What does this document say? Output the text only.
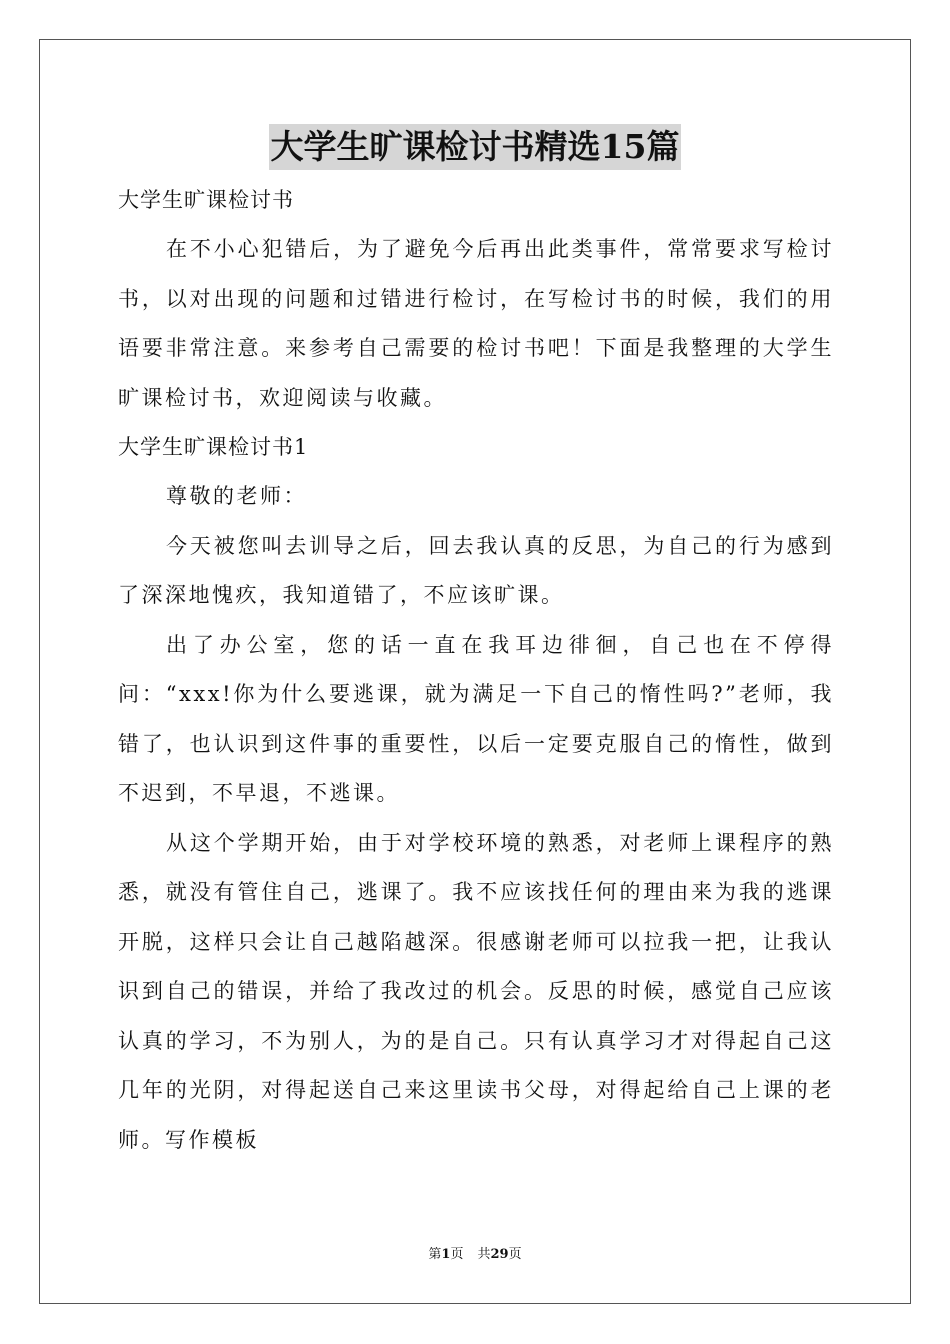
大学生旷课检讨书精选15篇

大学生旷课检讨书

在不小心犯错后，为了避免今后再出此类事件，常常要求写检讨书，以对出现的问题和过错进行检讨，在写检讨书的时候，我们的用语要非常注意。来参考自己需要的检讨书吧！下面是我整理的大学生旷课检讨书，欢迎阅读与收藏。

大学生旷课检讨书1

尊敬的老师：

今天被您叫去训导之后，回去我认真的反思，为自己的行为感到了深深地愧疚，我知道错了，不应该旷课。

出了办公室，您的话一直在我耳边徘徊，自己也在不停得问：“xxx!你为什么要逃课，就为满足一下自己的惰性吗?”老师，我错了，也认识到这件事的重要性，以后一定要克服自己的惰性，做到不迟到，不早退，不逃课。

从这个学期开始，由于对学校环境的熟悉，对老师上课程序的熟悉，就没有管住自己，逃课了。我不应该找任何的理由来为我的逃课开脱，这样只会让自己越陷越深。很感谢老师可以拉我一把，让我认识到自己的错误，并给了我改过的机会。反思的时候，感觉自己应该认真的学习，不为别人，为的是自己。只有认真学习才对得起自己这几年的光阴，对得起送自己来这里读书父母，对得起给自己上课的老师。写作模板

第1页 共29页
